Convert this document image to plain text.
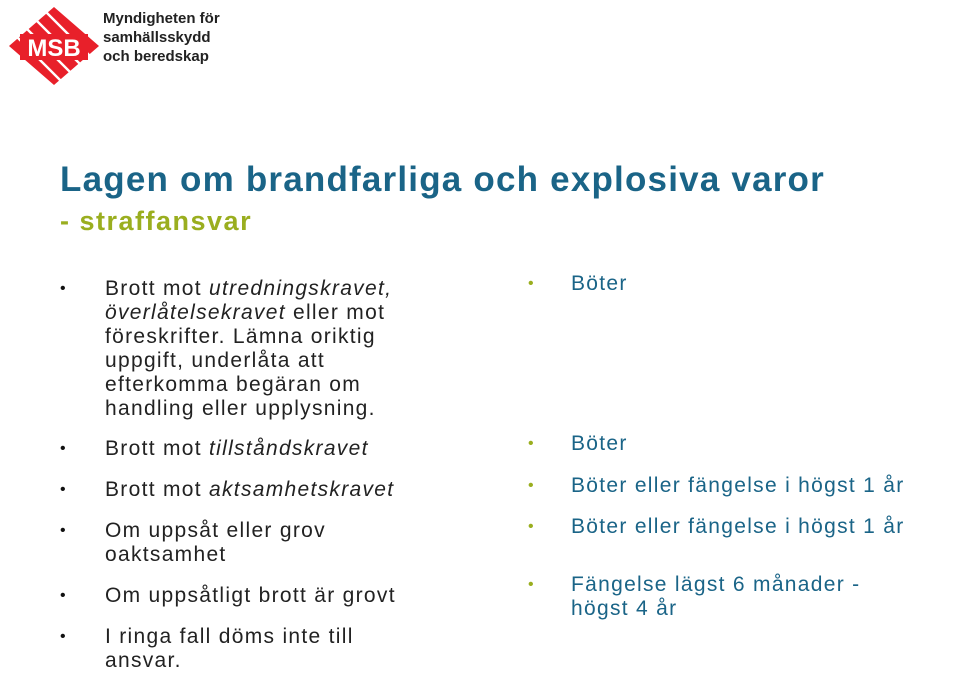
MSB
Myndigheten för
samhällsskydd
och beredskap
Lagen om brandfarliga och explosiva varor
- straffansvar
• Brott mot utredningskravet,
överlåtelsekravet eller mot
föreskrifter. Lämna oriktig
uppgift, underlåta att
efterkomma begäran om
handling eller upplysning.
• Brott mot tillståndskravet
• Brott mot aktsamhetskravet
• Om uppsåt eller grov
oaktsamhet
• Om uppsåtligt brott är grovt
• I ringa fall döms inte till
ansvar.
• Böter
• Böter
• Böter eller fängelse i högst 1 år
• Böter eller fängelse i högst 1 år
• Fängelse lägst 6 månader -
högst 4 år
